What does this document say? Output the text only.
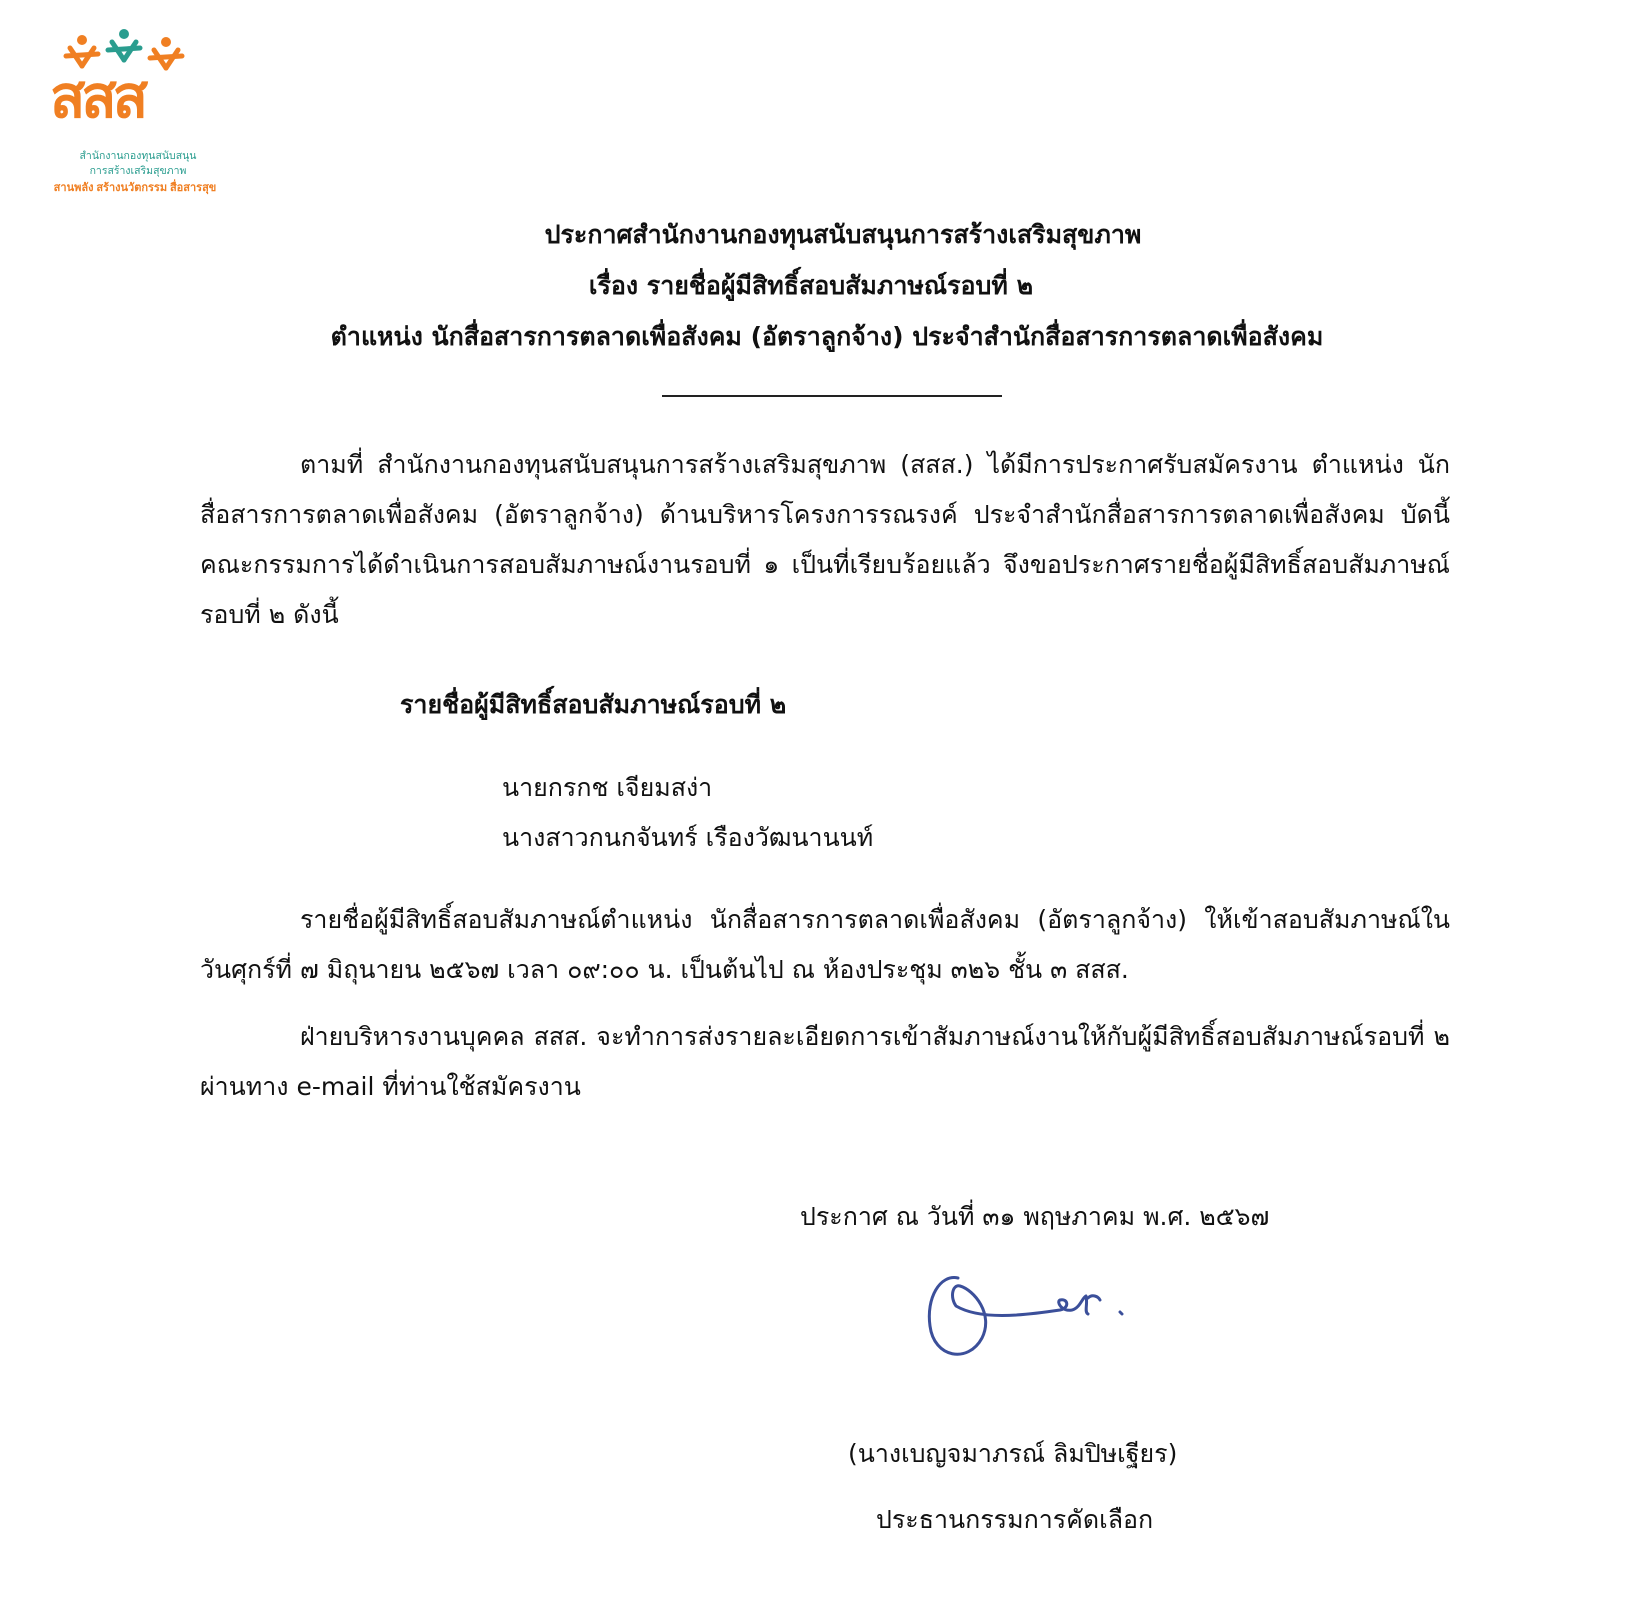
สสส
สำนักงานกองทุนสนับสนุน
การสร้างเสริมสุขภาพ
สานพลัง สร้างนวัตกรรม สื่อสารสุข
ประกาศสำนักงานกองทุนสนับสนุนการสร้างเสริมสุขภาพ
เรื่อง รายชื่อผู้มีสิทธิ์สอบสัมภาษณ์รอบที่ ๒
ตำแหน่ง นักสื่อสารการตลาดเพื่อสังคม (อัตราลูกจ้าง) ประจำสำนักสื่อสารการตลาดเพื่อสังคม
ตามที่ สำนักงานกองทุนสนับสนุนการสร้างเสริมสุขภาพ (สสส.) ได้มีการประกาศรับสมัครงาน ตำแหน่ง นักสื่อสารการตลาดเพื่อสังคม (อัตราลูกจ้าง) ด้านบริหารโครงการรณรงค์ ประจำสำนักสื่อสารการตลาดเพื่อสังคม บัดนี้คณะกรรมการได้ดำเนินการสอบสัมภาษณ์งานรอบที่ ๑ เป็นที่เรียบร้อยแล้ว จึงขอประกาศรายชื่อผู้มีสิทธิ์สอบสัมภาษณ์รอบที่ ๒ ดังนี้
รายชื่อผู้มีสิทธิ์สอบสัมภาษณ์รอบที่ ๒
นายกรกช เจียมสง่า
นางสาวกนกจันทร์ เรืองวัฒนานนท์
รายชื่อผู้มีสิทธิ์สอบสัมภาษณ์ตำแหน่ง นักสื่อสารการตลาดเพื่อสังคม (อัตราลูกจ้าง) ให้เข้าสอบสัมภาษณ์ในวันศุกร์ที่ ๗ มิถุนายน ๒๕๖๗ เวลา ๐๙:๐๐ น. เป็นต้นไป ณ ห้องประชุม ๓๒๖ ชั้น ๓ สสส.
ฝ่ายบริหารงานบุคคล สสส. จะทำการส่งรายละเอียดการเข้าสัมภาษณ์งานให้กับผู้มีสิทธิ์สอบสัมภาษณ์รอบที่ ๒ ผ่านทาง e-mail ที่ท่านใช้สมัครงาน
ประกาศ ณ วันที่ ๓๑ พฤษภาคม พ.ศ. ๒๕๖๗
(นางเบญจมาภรณ์ ลิมปิษเฐียร)
ประธานกรรมการคัดเลือก
